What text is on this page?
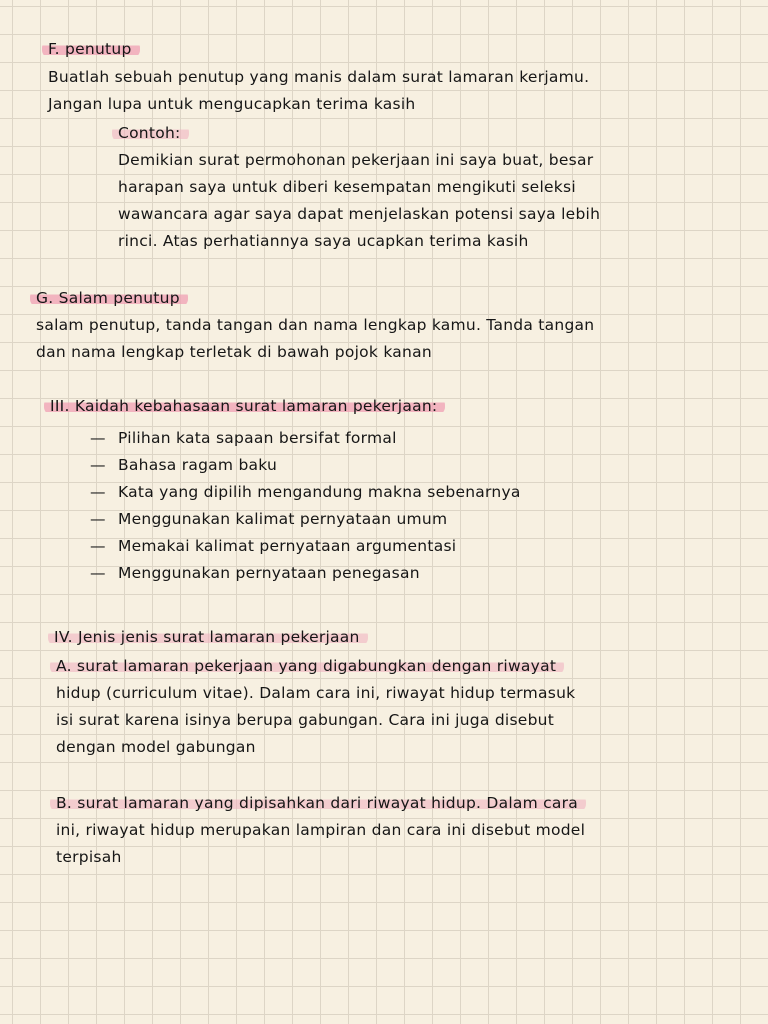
F. penutup
Buatlah sebuah penutup yang manis dalam surat lamaran kerjamu.
Jangan lupa untuk mengucapkan terima kasih
Contoh:
Demikian surat permohonan pekerjaan ini saya buat, besar
harapan saya untuk diberi kesempatan mengikuti seleksi
wawancara agar saya dapat menjelaskan potensi saya lebih
rinci. Atas perhatiannya saya ucapkan terima kasih
G. Salam penutup
salam penutup, tanda tangan dan nama lengkap kamu. Tanda tangan
dan nama lengkap terletak di bawah pojok kanan
III. Kaidah kebahasaan surat lamaran pekerjaan:
— Pilihan kata sapaan bersifat formal
— Bahasa ragam baku
— Kata yang dipilih mengandung makna sebenarnya
— Menggunakan kalimat pernyataan umum
— Memakai kalimat pernyataan argumentasi
— Menggunakan pernyataan penegasan
IV. Jenis jenis surat lamaran pekerjaan
A. surat lamaran pekerjaan yang digabungkan dengan riwayat
hidup (curriculum vitae). Dalam cara ini, riwayat hidup termasuk
isi surat karena isinya berupa gabungan. Cara ini juga disebut
dengan model gabungan
B. surat lamaran yang dipisahkan dari riwayat hidup. Dalam cara
ini, riwayat hidup merupakan lampiran dan cara ini disebut model
terpisah
